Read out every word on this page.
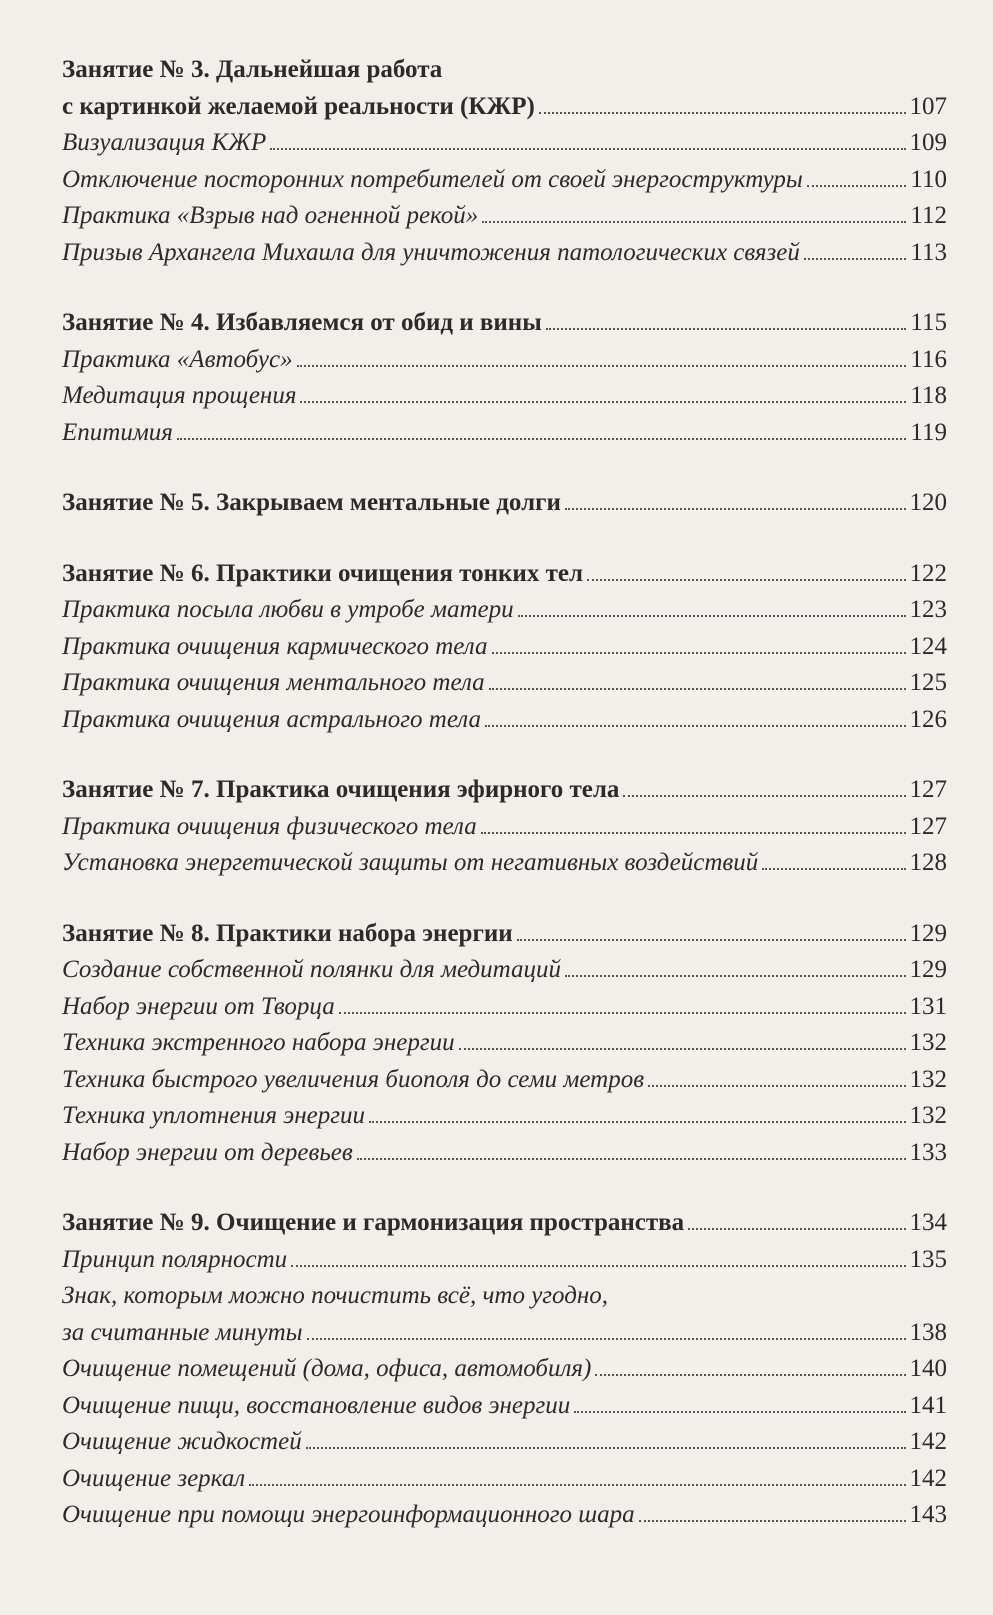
Занятие № 3. Дальнейшая работа
с картинкой желаемой реальности (КЖР)	107
Визуализация КЖР	109
Отключение посторонних потребителей от своей энергоструктуры	110
Практика «Взрыв над огненной рекой»	112
Призыв Архангела Михаила для уничтожения патологических связей	113
Занятие № 4. Избавляемся от обид и вины	115
Практика «Автобус»	116
Медитация прощения	118
Епитимия	119
Занятие № 5. Закрываем ментальные долги	120
Занятие № 6. Практики очищения тонких тел	122
Практика посыла любви в утробе матери	123
Практика очищения кармического тела	124
Практика очищения ментального тела	125
Практика очищения астрального тела	126
Занятие № 7. Практика очищения эфирного тела	127
Практика очищения физического тела	127
Установка энергетической защиты от негативных воздействий	128
Занятие № 8. Практики набора энергии	129
Создание собственной полянки для медитаций	129
Набор энергии от Творца	131
Техника экстренного набора энергии	132
Техника быстрого увеличения биополя до семи метров	132
Техника уплотнения энергии	132
Набор энергии от деревьев	133
Занятие № 9. Очищение и гармонизация пространства	134
Принцип полярности	135
Знак, которым можно почистить всё, что угодно,
за считанные минуты	138
Очищение помещений (дома, офиса, автомобиля)	140
Очищение пищи, восстановление видов энергии	141
Очищение жидкостей	142
Очищение зеркал	142
Очищение при помощи энергоинформационного шара	143
